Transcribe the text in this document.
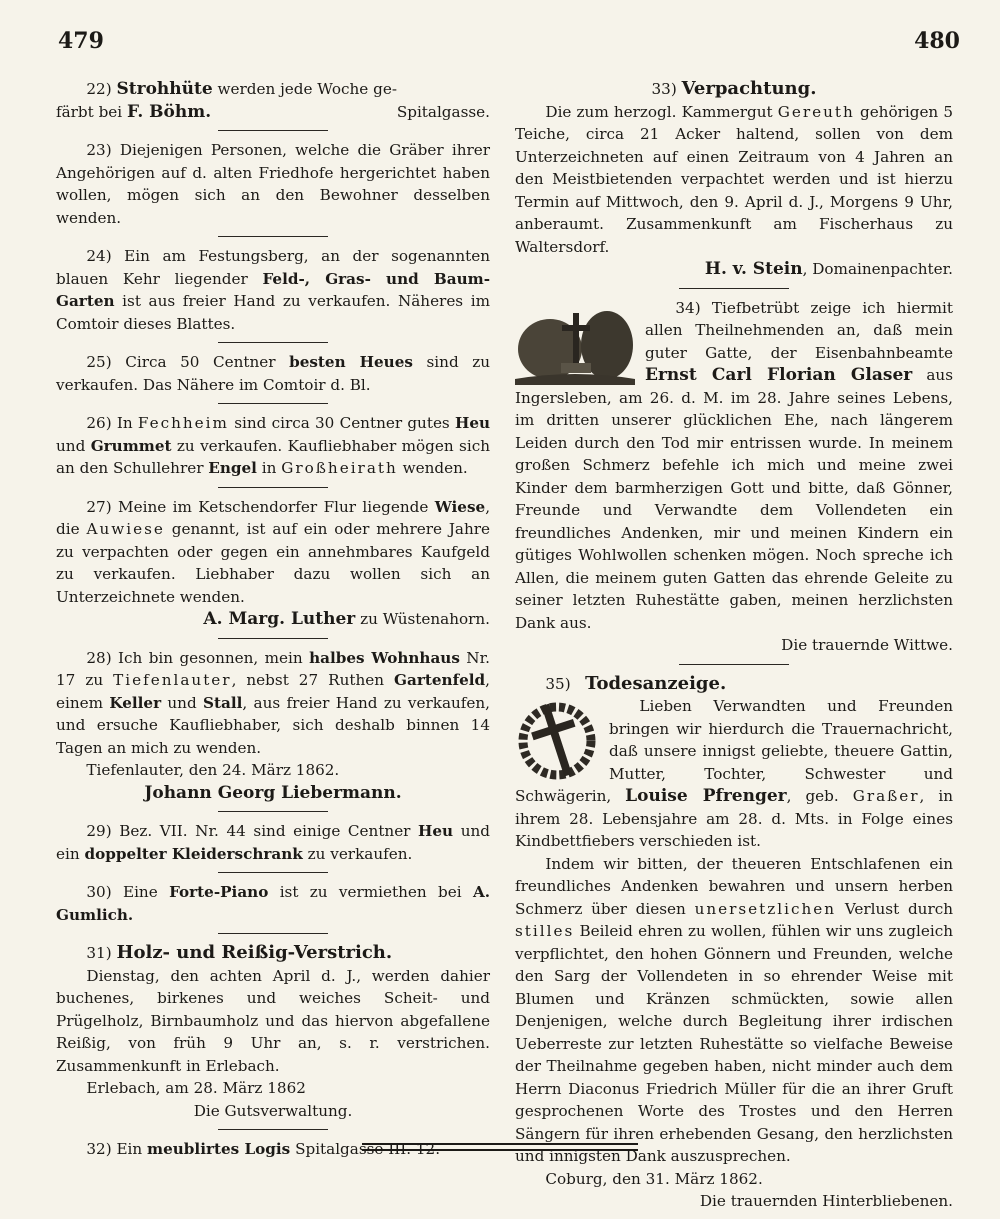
479	480

22) Strohhüte werden jede Woche ge-

färbt bei F. Böhm.	Spitalgasse.

23) Diejenigen Personen, welche die Gräber ihrer Angehörigen auf d. alten Friedhofe hergerichtet haben wollen, mögen sich an den Bewohner desselben wenden.
24) Ein am Festungsberg, an der sogenannten blauen Kehr liegender Feld-, Gras- und Baum- Garten ist aus freier Hand zu verkaufen. Näheres im Comtoir dieses Blattes.
25) Circa 50 Centner besten Heues sind zu verkaufen. Das Nähere im Comtoir d. Bl.
26) In Fechheim sind circa 30 Centner gutes Heu und Grummet zu verkaufen. Kaufliebhaber mögen sich an den Schullehrer Engel in Großheirath wenden.

27) Meine im Ketschendorfer Flur liegende Wiese, die Auwiese genannt, ist auf ein oder mehrere Jahre zu verpachten oder gegen ein annehmbares Kaufgeld zu verkaufen. Liebhaber dazu wollen sich an Unterzeichnete wenden.

A. Marg. Luther zu Wüstenahorn.

28) Ich bin gesonnen, mein halbes Wohnhaus Nr. 17 zu Tiefenlauter, nebst 27 Ruthen Gartenfeld, einem Keller und Stall, aus freier Hand zu verkaufen, und ersuche Kaufliebhaber, sich deshalb binnen 14 Tagen an mich zu wenden.

Tiefenlauter, den 24. März 1862.

Johann Georg Liebermann.

29) Bez. VII. Nr. 44 sind einige Centner Heu und ein doppelter Kleiderschrank zu verkaufen.
30) Eine Forte-Piano ist zu vermiethen bei A. Gumlich.

31) Holz- und Reißig-Verstrich.

Dienstag, den achten April d. J., werden dahier buchenes, birkenes und weiches Scheit- und Prügelholz, Birnbaumholz und das hiervon abgefallene Reißig, von früh 9 Uhr an, s. r. verstrichen. Zusammenkunft in Erlebach.

Erlebach, am 28. März 1862

Die Gutsverwaltung.

32) Ein meublirtes Logis Spitalgasse III. 12.

33) Verpachtung.

Die zum herzogl. Kammergut Gereuth gehörigen 5 Teiche, circa 21 Acker haltend, sollen von dem Unterzeichneten auf einen Zeitraum von 4 Jahren an den Meistbietenden verpachtet werden und ist hierzu Termin auf Mittwoch, den 9. April d. J., Morgens 9 Uhr, anberaumt. Zusammenkunft am Fischerhaus zu Waltersdorf.

H. v. Stein, Domainenpachter.

34) Tiefbetrübt zeige ich hiermit allen Theilnehmenden an, daß mein guter Gatte, der Eisenbahnbeamte Ernst Carl Florian Glaser aus Ingersleben, am 26. d. M. im 28. Jahre seines Lebens, im dritten unserer glücklichen Ehe, nach längerem Leiden durch den Tod mir entrissen wurde. In meinem großen Schmerz befehle ich mich und meine zwei Kinder dem barmherzigen Gott und bitte, daß Gönner, Freunde und Verwandte dem Vollendeten ein freundliches Andenken, mir und meinen Kindern ein gütiges Wohlwollen schenken mögen. Noch spreche ich Allen, die meinem guten Gatten das ehrende Geleite zu seiner letzten Ruhestätte gaben, meinen herzlichsten Dank aus.

Die trauernde Wittwe.

35) Todesanzeige.

Lieben Verwandten und Freunden bringen wir hierdurch die Trauernachricht, daß unsere innigst geliebte, theuere Gattin, Mutter, Tochter, Schwester und Schwägerin, Louise Pfrenger, geb. Graßer, in ihrem 28. Lebensjahre am 28. d. Mts. in Folge eines Kindbettfiebers verschieden ist.

Indem wir bitten, der theueren Entschlafenen ein freundliches Andenken bewahren und unsern herben Schmerz über diesen unersetzlichen Verlust durch stilles Beileid ehren zu wollen, fühlen wir uns zugleich verpflichtet, den hohen Gönnern und Freunden, welche den Sarg der Vollendeten in so ehrender Weise mit Blumen und Kränzen schmückten, sowie allen Denjenigen, welche durch Begleitung ihrer irdischen Ueberreste zur letzten Ruhestätte so vielfache Beweise der Theilnahme gegeben haben, nicht minder auch dem Herrn Diaconus Friedrich Müller für die an ihrer Gruft gesprochenen Worte des Trostes und den Herren Sängern für ihren erhebenden Gesang, den herzlichsten und innigsten Dank auszusprechen.

Coburg, den 31. März 1862.

Die trauernden Hinterbliebenen.
